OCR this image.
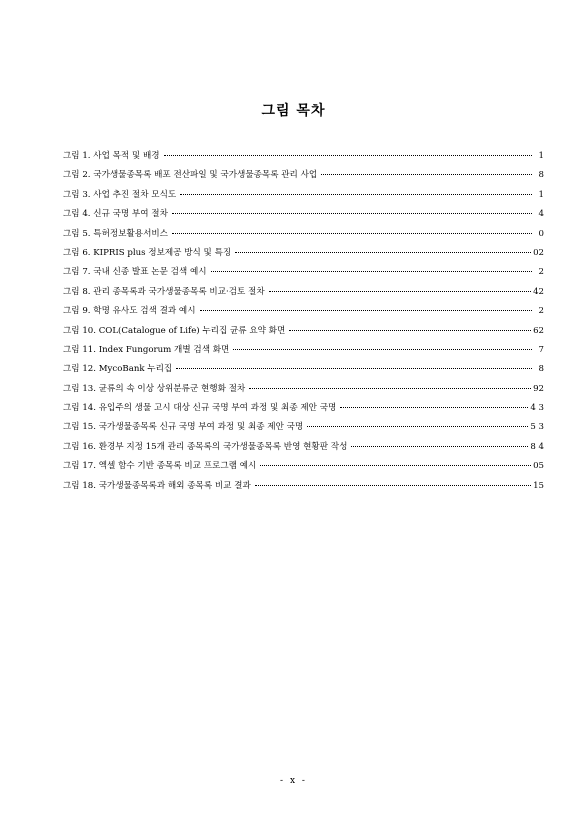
그림 목차
그림 1. 사업 목적 및 배경	1
그림 2. 국가생물종목록 배포 전산파일 및 국가생물종목록 관리 사업	8
그림 3. 사업 추진 절차 모식도	1
그림 4. 신규 국명 부여 절차	4
그림 5. 특허정보활용서비스	0
그림 6. KIPRIS plus 정보제공 방식 및 특징	02
그림 7. 국내 신종 발표 논문 검색 예시	2
그림 8. 관리 종목록과 국가생물종목록 비교·검토 절차	42
그림 9. 학명 유사도 검색 결과 예시	2
그림 10. COL(Catalogue of Life) 누리집 균류 요약 화면	62
그림 11. Index Fungorum 개별 검색 화면	7
그림 12. MycoBank 누리집	8
그림 13. 균류의 속 이상 상위분류군 현행화 절차	92
그림 14. 유입주의 생물 고시 대상 신규 국명 부여 과정 및 최종 제안 국명	4 3
그림 15. 국가생물종목록 신규 국명 부여 과정 및 최종 제안 국명	5 3
그림 16. 환경부 지정 15개 관리 종목록의 국가생물종목록 반영 현황판 작성	8 4
그림 17. 엑셀 함수 기반 종목록 비교 프로그램 예시	05
그림 18. 국가생물종목록과 해외 종목록 비교 결과	15
- x -
